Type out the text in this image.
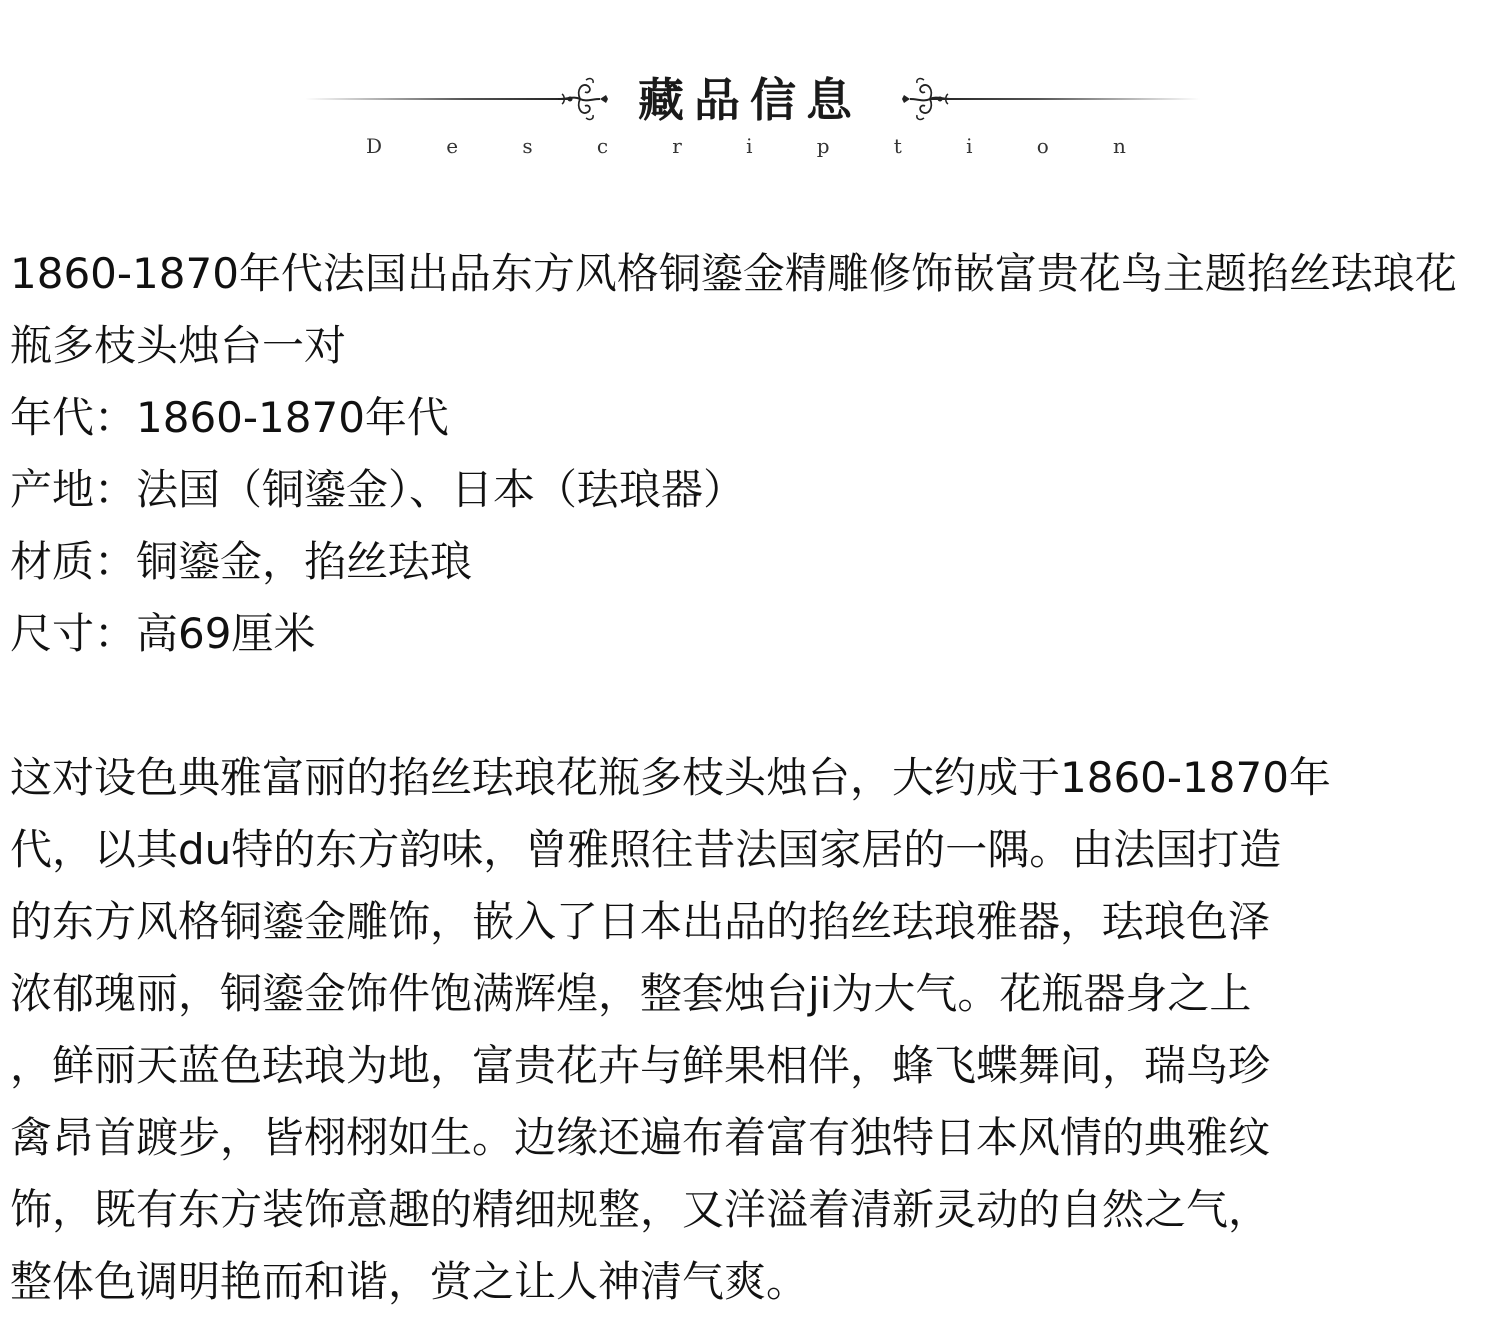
藏品信息
D	e	s	c	r	i	p	t	i	o	n

1860-1870年代法国出品东方风格铜鎏金精雕修饰嵌富贵花鸟主题掐丝珐琅花瓶多枝头烛台一对

年代：1860-1870年代

产地：法国（铜鎏金）、日本（珐琅器）

材质：铜鎏金，掐丝珐琅

尺寸：高69厘米

这对设色典雅富丽的掐丝珐琅花瓶多枝头烛台，大约成于1860-1870年
代，以其du特的东方韵味，曾雅照往昔法国家居的一隅。由法国打造
的东方风格铜鎏金雕饰，嵌入了日本出品的掐丝珐琅雅器，珐琅色泽
浓郁瑰丽，铜鎏金饰件饱满辉煌，整套烛台ji为大气。花瓶器身之上
，鲜丽天蓝色珐琅为地，富贵花卉与鲜果相伴，蜂飞蝶舞间，瑞鸟珍
禽昂首踱步，皆栩栩如生。边缘还遍布着富有独特日本风情的典雅纹
饰，既有东方装饰意趣的精细规整，又洋溢着清新灵动的自然之气，
整体色调明艳而和谐，赏之让人神清气爽。
